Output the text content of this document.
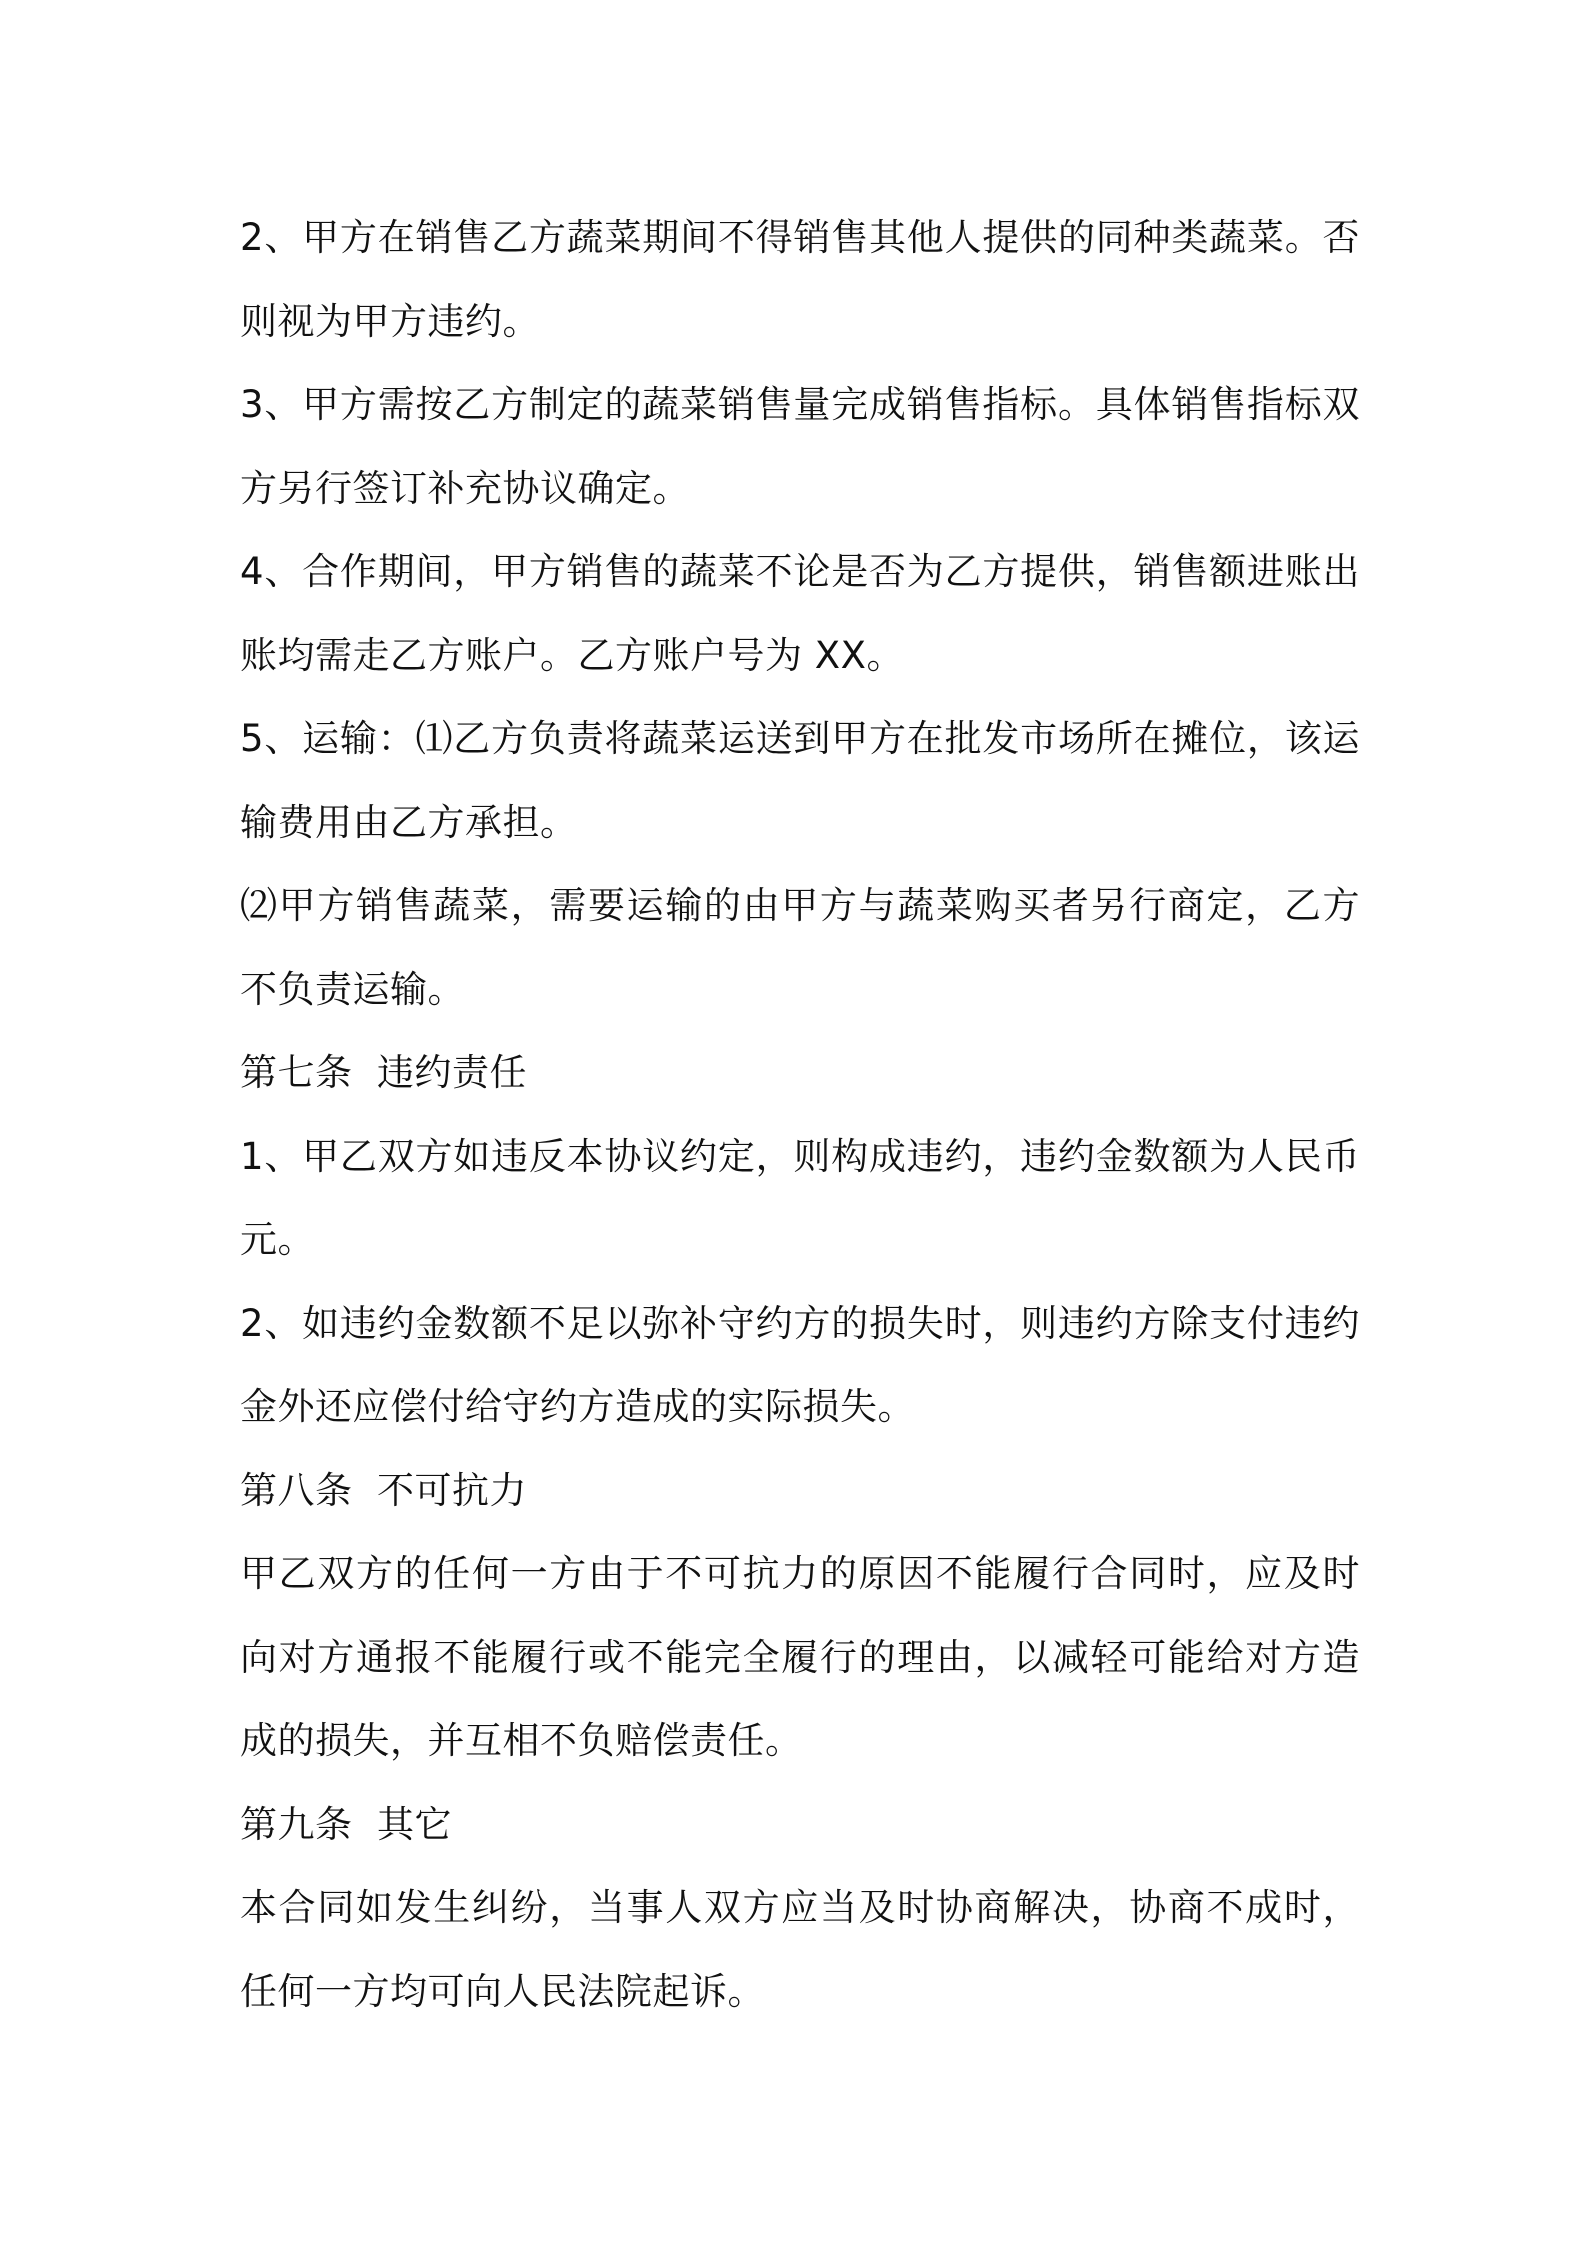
2、甲方在销售乙方蔬菜期间不得销售其他人提供的同种类蔬菜。否则视为甲方违约。

3、甲方需按乙方制定的蔬菜销售量完成销售指标。具体销售指标双方另行签订补充协议确定。

4、合作期间，甲方销售的蔬菜不论是否为乙方提供，销售额进账出账均需走乙方账户。乙方账户号为 XX。

5、运输：⑴乙方负责将蔬菜运送到甲方在批发市场所在摊位，该运输费用由乙方承担。

⑵甲方销售蔬菜，需要运输的由甲方与蔬菜购买者另行商定，乙方不负责运输。

第七条  违约责任

1、甲乙双方如违反本协议约定，则构成违约，违约金数额为人民币元。

2、如违约金数额不足以弥补守约方的损失时，则违约方除支付违约金外还应偿付给守约方造成的实际损失。

第八条  不可抗力

甲乙双方的任何一方由于不可抗力的原因不能履行合同时，应及时向对方通报不能履行或不能完全履行的理由，以减轻可能给对方造成的损失，并互相不负赔偿责任。

第九条  其它

本合同如发生纠纷，当事人双方应当及时协商解决，协商不成时，任何一方均可向人民法院起诉。
